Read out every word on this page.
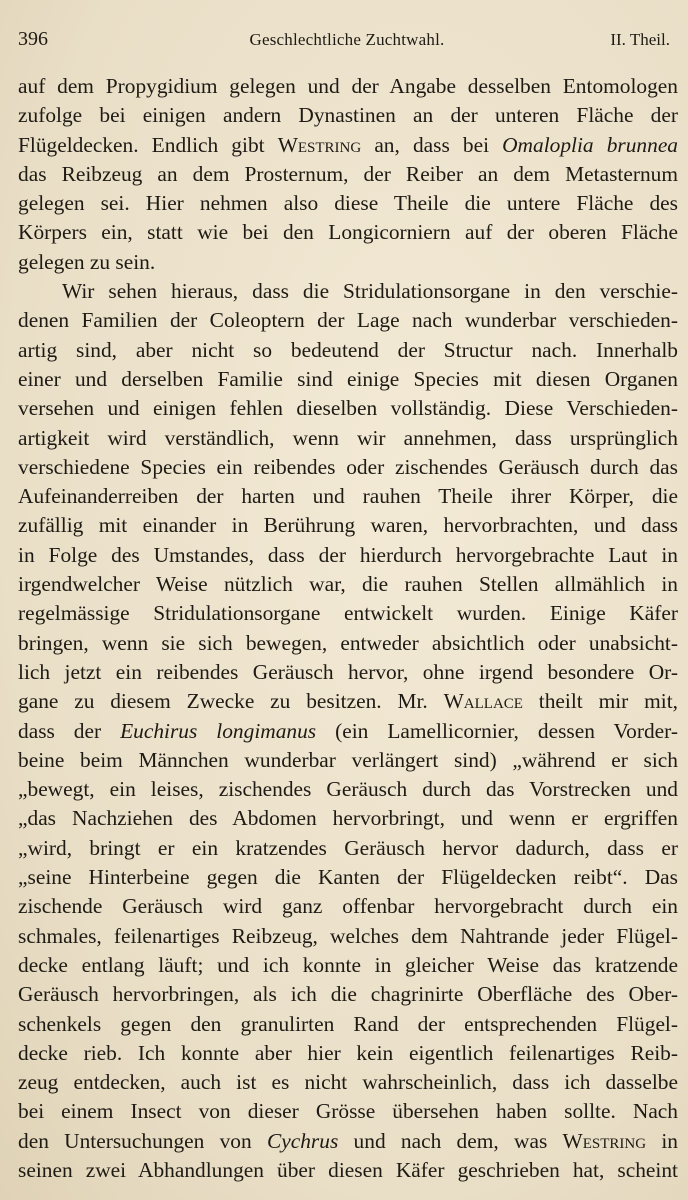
396	Geschlechtliche Zuchtwahl.	II. Theil.
auf dem Propygidium gelegen und der Angabe desselben Entomologen
zufolge bei einigen andern Dynastinen an der unteren Fläche der
Flügeldecken. Endlich gibt Westring an, dass bei Omaloplia brunnea
das Reibzeug an dem Prosternum, der Reiber an dem Metasternum
gelegen sei. Hier nehmen also diese Theile die untere Fläche des
Körpers ein, statt wie bei den Longicorniern auf der oberen Fläche
gelegen zu sein.
Wir sehen hieraus, dass die Stridulationsorgane in den verschie-
denen Familien der Coleoptern der Lage nach wunderbar verschieden-
artig sind, aber nicht so bedeutend der Structur nach. Innerhalb
einer und derselben Familie sind einige Species mit diesen Organen
versehen und einigen fehlen dieselben vollständig. Diese Verschieden-
artigkeit wird verständlich, wenn wir annehmen, dass ursprünglich
verschiedene Species ein reibendes oder zischendes Geräusch durch das
Aufeinanderreiben der harten und rauhen Theile ihrer Körper, die
zufällig mit einander in Berührung waren, hervorbrachten, und dass
in Folge des Umstandes, dass der hierdurch hervorgebrachte Laut in
irgendwelcher Weise nützlich war, die rauhen Stellen allmählich in
regelmässige Stridulationsorgane entwickelt wurden. Einige Käfer
bringen, wenn sie sich bewegen, entweder absichtlich oder unabsicht-
lich jetzt ein reibendes Geräusch hervor, ohne irgend besondere Or-
gane zu diesem Zwecke zu besitzen. Mr. Wallace theilt mir mit,
dass der Euchirus longimanus (ein Lamellicornier, dessen Vorder-
beine beim Männchen wunderbar verlängert sind) „während er sich
„bewegt, ein leises, zischendes Geräusch durch das Vorstrecken und
„das Nachziehen des Abdomen hervorbringt, und wenn er ergriffen
„wird, bringt er ein kratzendes Geräusch hervor dadurch, dass er
„seine Hinterbeine gegen die Kanten der Flügeldecken reibt“. Das
zischende Geräusch wird ganz offenbar hervorgebracht durch ein
schmales, feilenartiges Reibzeug, welches dem Nahtrande jeder Flügel-
decke entlang läuft; und ich konnte in gleicher Weise das kratzende
Geräusch hervorbringen, als ich die chagrinirte Oberfläche des Ober-
schenkels gegen den granulirten Rand der entsprechenden Flügel-
decke rieb. Ich konnte aber hier kein eigentlich feilenartiges Reib-
zeug entdecken, auch ist es nicht wahrscheinlich, dass ich dasselbe
bei einem Insect von dieser Grösse übersehen haben sollte. Nach
den Untersuchungen von Cychrus und nach dem, was Westring in
seinen zwei Abhandlungen über diesen Käfer geschrieben hat, scheint
